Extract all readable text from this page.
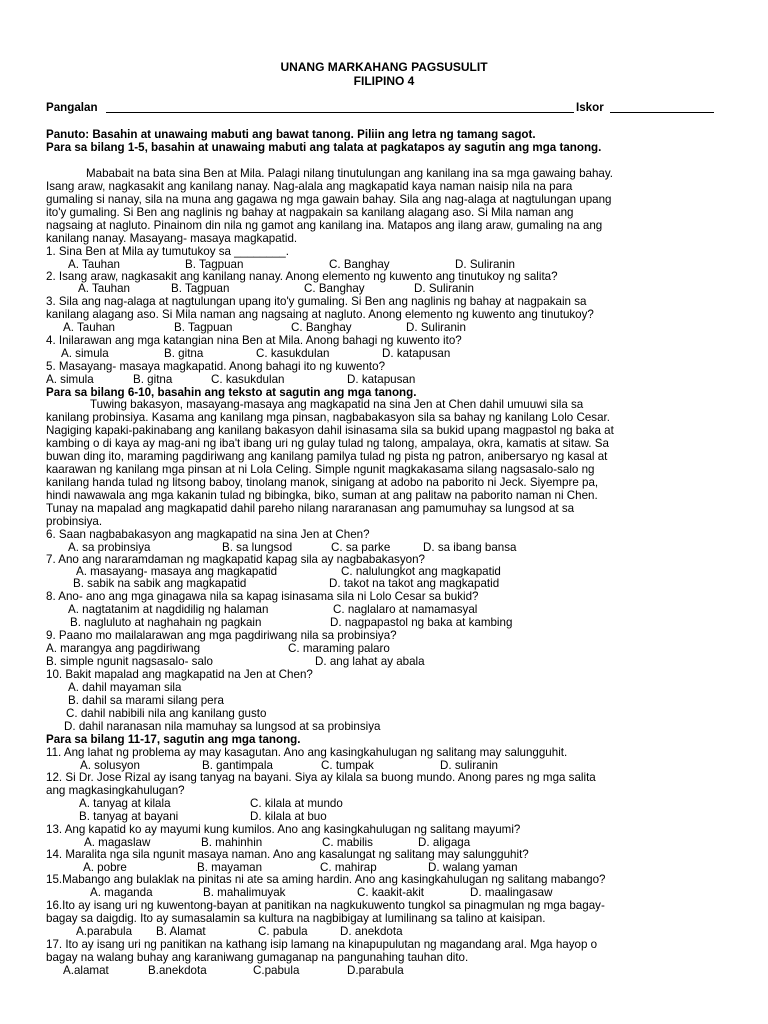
UNANG MARKAHANG PAGSUSULIT
FILIPINO 4
Pangalan	Iskor
Panuto: Basahin at unawaing mabuti ang bawat tanong. Piliin ang letra ng tamang sagot.
Para sa bilang 1-5, basahin at unawaing mabuti ang talata at pagkatapos ay sagutin ang mga tanong.
Mababait na bata sina Ben at Mila. Palagi nilang tinutulungan ang kanilang ina sa mga gawaing bahay.
Isang araw, nagkasakit ang kanilang nanay. Nag-alala ang magkapatid kaya naman naisip nila na para
gumaling si nanay, sila na muna ang gagawa ng mga gawain bahay. Sila ang nag-alaga at nagtulungan upang
ito'y gumaling. Si Ben ang naglinis ng bahay at nagpakain sa kanilang alagang aso. Si Mila naman ang
nagsaing at nagluto. Pinainom din nila ng gamot ang kanilang ina. Matapos ang ilang araw, gumaling na ang
kanilang nanay. Masayang- masaya magkapatid.
1. Sina Ben at Mila ay tumutukoy sa ________.
A. Tauhan	B. Tagpuan	C. Banghay	D. Suliranin
2. Isang araw, nagkasakit ang kanilang nanay. Anong elemento ng kuwento ang tinutukoy ng salita?
A. Tauhan	B. Tagpuan	C. Banghay	D. Suliranin
3. Sila ang nag-alaga at nagtulungan upang ito'y gumaling. Si Ben ang naglinis ng bahay at nagpakain sa
kanilang alagang aso. Si Mila naman ang nagsaing at nagluto. Anong elemento ng kuwento ang tinutukoy?
A. Tauhan	B. Tagpuan	C. Banghay	D. Suliranin
4. Inilarawan ang mga katangian nina Ben at Mila. Anong bahagi ng kuwento ito?
A. simula	B. gitna	C. kasukdulan	D. katapusan
5. Masayang- masaya magkapatid. Anong bahagi ito ng kuwento?
A. simula	B. gitna	C. kasukdulan	D. katapusan
Para sa bilang 6-10, basahin ang teksto at sagutin ang mga tanong.
Tuwing bakasyon, masayang-masaya ang magkapatid na sina Jen at Chen dahil umuuwi sila sa
kanilang probinsiya. Kasama ang kanilang mga pinsan, nagbabakasyon sila sa bahay ng kanilang Lolo Cesar.
Nagiging kapaki-pakinabang ang kanilang bakasyon dahil isinasama sila sa bukid upang magpastol ng baka at
kambing o di kaya ay mag-ani ng iba't ibang uri ng gulay tulad ng talong, ampalaya, okra, kamatis at sitaw. Sa
buwan ding ito, maraming pagdiriwang ang kanilang pamilya tulad ng pista ng patron, anibersaryo ng kasal at
kaarawan ng kanilang mga pinsan at ni Lola Celing. Simple ngunit magkakasama silang nagsasalo-salo ng
kanilang handa tulad ng litsong baboy, tinolang manok, sinigang at adobo na paborito ni Jeck. Siyempre pa,
hindi nawawala ang mga kakanin tulad ng bibingka, biko, suman at ang palitaw na paborito naman ni Chen.
Tunay na mapalad ang magkapatid dahil pareho nilang nararanasan ang pamumuhay sa lungsod at sa
probinsiya.
6. Saan nagbabakasyon ang magkapatid na sina Jen at Chen?
A. sa probinsiya	B. sa lungsod	C. sa parke	D. sa ibang bansa
7. Ano ang nararamdaman ng magkapatid kapag sila ay nagbabakasyon?
A. masayang- masaya ang magkapatid	C. nalulungkot ang magkapatid
B. sabik na sabik ang magkapatid	D. takot na takot ang magkapatid
8. Ano- ano ang mga ginagawa nila sa kapag isinasama sila ni Lolo Cesar sa bukid?
A. nagtatanim at nagdidilig ng halaman	C. naglalaro at namamasyal
B. nagluluto at naghahain ng pagkain	D. nagpapastol ng baka at kambing
9. Paano mo mailalarawan ang mga pagdiriwang nila sa probinsiya?
A. marangya ang pagdiriwang	C. maraming palaro
B. simple ngunit nagsasalo- salo	D. ang lahat ay abala
10. Bakit mapalad ang magkapatid na Jen at Chen?
A. dahil mayaman sila
B. dahil sa marami silang pera
C. dahil nabibili nila ang kanilang gusto
D. dahil naranasan nila mamuhay sa lungsod at sa probinsiya
Para sa bilang 11-17, sagutin ang mga tanong.
11. Ang lahat ng problema ay may kasagutan. Ano ang kasingkahulugan ng salitang may salungguhit.
A. solusyon	B. gantimpala	C. tumpak	D. suliranin
12. Si Dr. Jose Rizal ay isang tanyag na bayani. Siya ay kilala sa buong mundo. Anong pares ng mga salita
ang magkasingkahulugan?
A. tanyag at kilala	C. kilala at mundo
B. tanyag at bayani	D. kilala at buo
13. Ang kapatid ko ay mayumi kung kumilos. Ano ang kasingkahulugan ng salitang mayumi?
A. magaslaw	B. mahinhin	C. mabilis	D. aligaga
14. Maralita nga sila ngunit masaya naman. Ano ang kasalungat ng salitang may salungguhit?
A. pobre	B. mayaman	C. mahirap	D. walang yaman
15.Mabango ang bulaklak na pinitas ni ate sa aming hardin. Ano ang kasingkahulugan ng salitang mabango?
A. maganda	B. mahalimuyak	C. kaakit-akit	D. maalingasaw
16.Ito ay isang uri ng kuwentong-bayan at panitikan na nagkukuwento tungkol sa pinagmulan ng mga bagay-
bagay sa daigdig. Ito ay sumasalamin sa kultura na nagbibigay at lumilinang sa talino at kaisipan.
A.parabula B. Alamat	C. pabula	D. anekdota
17. Ito ay isang uri ng panitikan na kathang isip lamang na kinapupulutan ng magandang aral. Mga hayop o
bagay na walang buhay ang karaniwang gumaganap na pangunahing tauhan dito.
A.alamat	B.anekdota	C.pabula	D.parabula
